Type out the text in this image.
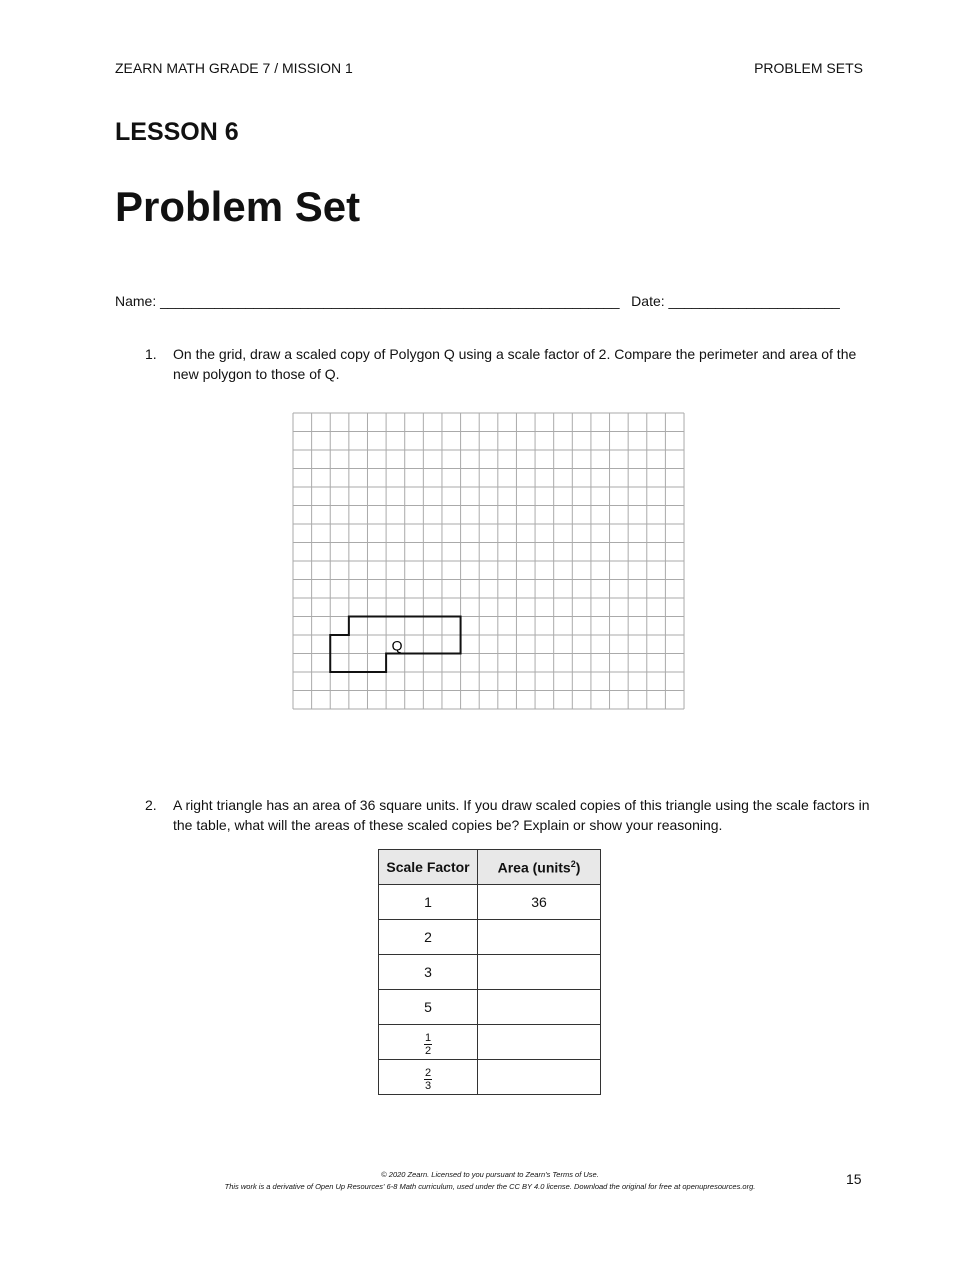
ZEARN MATH GRADE 7 / MISSION 1	PROBLEM SETS
LESSON 6
Problem Set
Name: ___________________________________________________________   Date: ______________________
1. On the grid, draw a scaled copy of Polygon Q using a scale factor of 2. Compare the perimeter and area of the new polygon to those of Q.
Q
2. A right triangle has an area of 36 square units. If you draw scaled copies of this triangle using the scale factors in the table, what will the areas of these scaled copies be? Explain or show your reasoning.
Scale Factor	Area (units$^2$)
1	36
2	
3	
5	

$\frac{1}{2}$

$\frac{2}{3}$

© 2020 Zearn. Licensed to you pursuant to Zearn's Terms of Use.
This work is a derivative of Open Up Resources' 6-8 Math curriculum, used under the CC BY 4.0 license. Download the original for free at openupresources.org.	15
